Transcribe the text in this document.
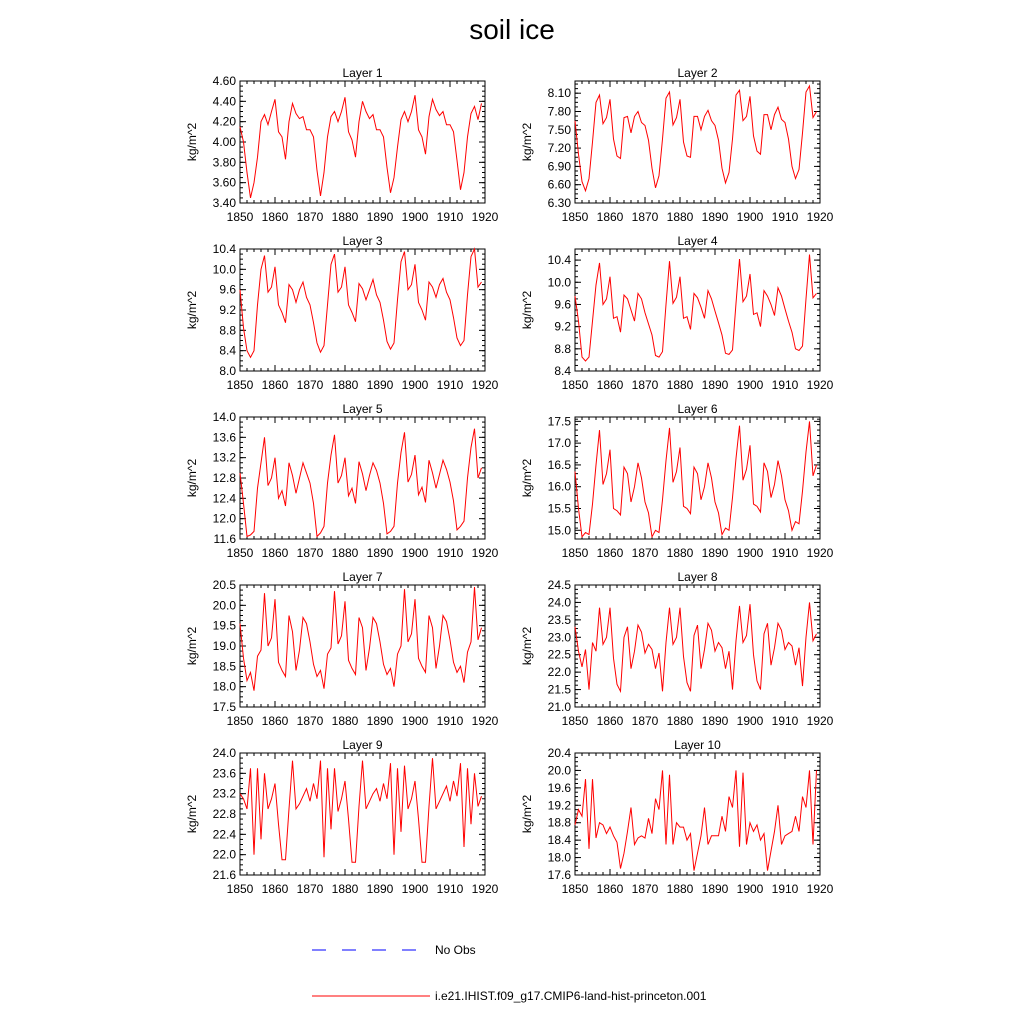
soil ice
Layer 1
kg/m^2
1850 1860 1870 1880 1890 1900 1910 1920
3.40
3.60
3.80
4.00
4.20
4.40
4.60
Layer 2
kg/m^2
1850 1860 1870 1880 1890 1900 1910 1920
6.30
6.60
6.90
7.20
7.50
7.80
8.10
Layer 3
kg/m^2
1850 1860 1870 1880 1890 1900 1910 1920
8.0
8.4
8.8
9.2
9.6
10.0
10.4
Layer 4
kg/m^2
1850 1860 1870 1880 1890 1900 1910 1920
8.4
8.8
9.2
9.6
10.0
10.4
Layer 5
kg/m^2
1850 1860 1870 1880 1890 1900 1910 1920
11.6
12.0
12.4
12.8
13.2
13.6
14.0
Layer 6
kg/m^2
1850 1860 1870 1880 1890 1900 1910 1920
15.0
15.5
16.0
16.5
17.0
17.5
Layer 7
kg/m^2
1850 1860 1870 1880 1890 1900 1910 1920
17.5
18.0
18.5
19.0
19.5
20.0
20.5
Layer 8
kg/m^2
1850 1860 1870 1880 1890 1900 1910 1920
21.0
21.5
22.0
22.5
23.0
23.5
24.0
24.5
Layer 9
kg/m^2
1850 1860 1870 1880 1890 1900 1910 1920
21.6
22.0
22.4
22.8
23.2
23.6
24.0
Layer 10
kg/m^2
1850 1860 1870 1880 1890 1900 1910 1920
17.6
18.0
18.4
18.8
19.2
19.6
20.0
20.4
No Obs
i.e21.IHIST.f09_g17.CMIP6-land-hist-princeton.001
